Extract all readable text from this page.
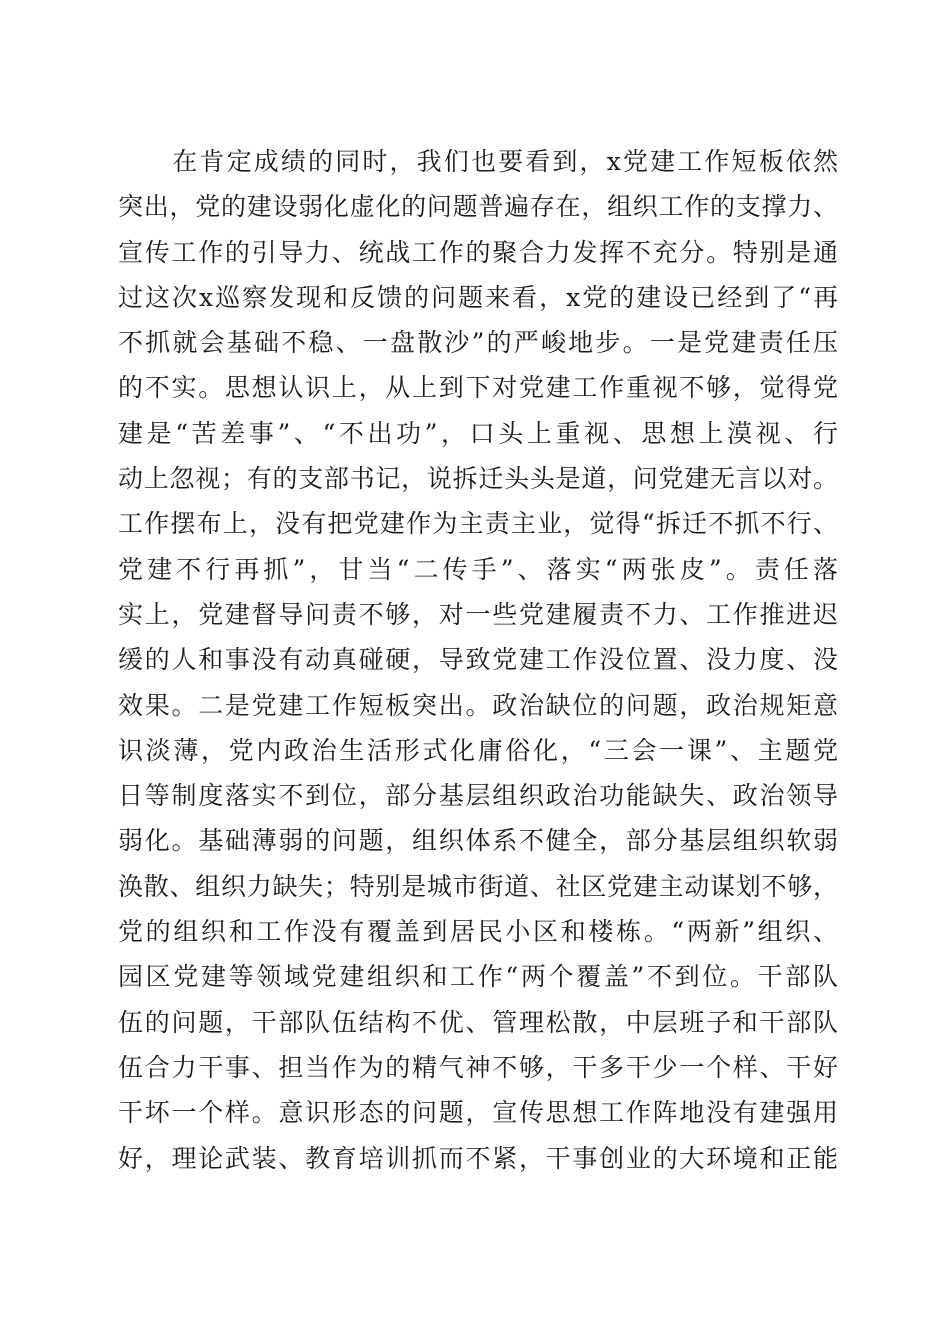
　　在肯定成绩的同时，我们也要看到，x党建工作短板依然
突出，党的建设弱化虚化的问题普遍存在，组织工作的支撑力、
宣传工作的引导力、统战工作的聚合力发挥不充分。特别是通
过这次x巡察发现和反馈的问题来看，x党的建设已经到了“再
不抓就会基础不稳、一盘散沙”的严峻地步。一是党建责任压
的不实。思想认识上，从上到下对党建工作重视不够，觉得党
建是“苦差事”、“不出功”，口头上重视、思想上漠视、行
动上忽视；有的支部书记，说拆迁头头是道，问党建无言以对。
工作摆布上，没有把党建作为主责主业，觉得“拆迁不抓不行、
党建不行再抓”，甘当“二传手”、落实“两张皮”。责任落
实上，党建督导问责不够，对一些党建履责不力、工作推进迟
缓的人和事没有动真碰硬，导致党建工作没位置、没力度、没
效果。二是党建工作短板突出。政治缺位的问题，政治规矩意
识淡薄，党内政治生活形式化庸俗化，“三会一课”、主题党
日等制度落实不到位，部分基层组织政治功能缺失、政治领导
弱化。基础薄弱的问题，组织体系不健全，部分基层组织软弱
涣散、组织力缺失；特别是城市街道、社区党建主动谋划不够，
党的组织和工作没有覆盖到居民小区和楼栋。“两新”组织、
园区党建等领域党建组织和工作“两个覆盖”不到位。干部队
伍的问题，干部队伍结构不优、管理松散，中层班子和干部队
伍合力干事、担当作为的精气神不够，干多干少一个样、干好
干坏一个样。意识形态的问题，宣传思想工作阵地没有建强用
好，理论武装、教育培训抓而不紧，干事创业的大环境和正能
